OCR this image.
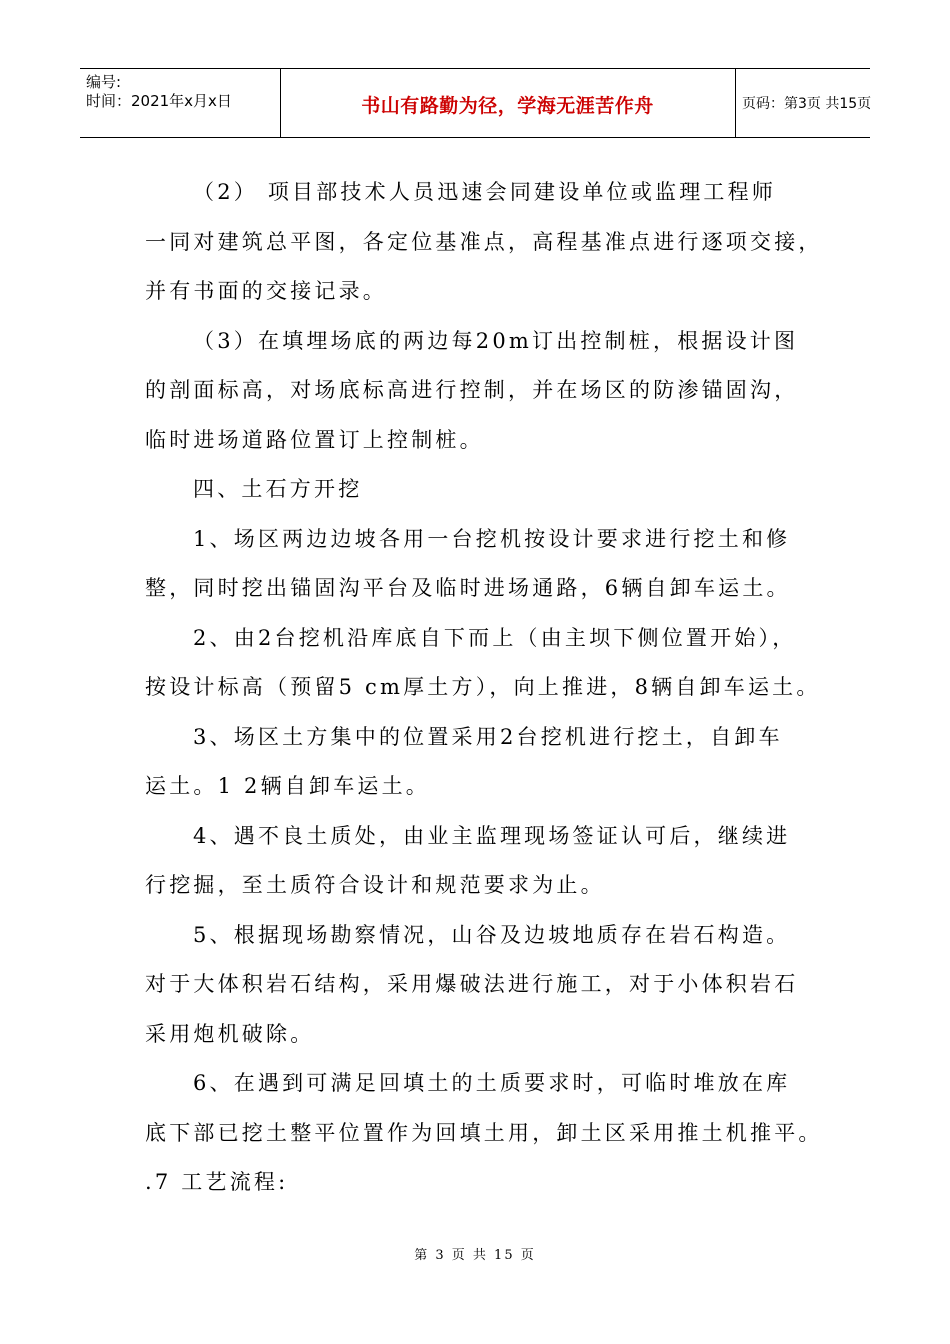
编号:
时间：2021年x月x日	书山有路勤为径，学海无涯苦作舟	页码：第3页 共15页

（2） 项目部技术人员迅速会同建设单位或监理工程师
一同对建筑总平图，各定位基准点，高程基准点进行逐项交接，
并有书面的交接记录。
（3）在填埋场底的两边每20m订出控制桩，根据设计图
的剖面标高，对场底标高进行控制，并在场区的防渗锚固沟，
临时进场道路位置订上控制桩。
四、土石方开挖
1、场区两边边坡各用一台挖机按设计要求进行挖土和修
整，同时挖出锚固沟平台及临时进场通路，6辆自卸车运土。
2、由2台挖机沿库底自下而上（由主坝下侧位置开始），
按设计标高（预留5 cm厚土方），向上推进，8辆自卸车运土。
3、场区土方集中的位置采用2台挖机进行挖土，自卸车
运土。1 2辆自卸车运土。
4、遇不良土质处，由业主监理现场签证认可后，继续进
行挖掘，至土质符合设计和规范要求为止。
5、根据现场勘察情况，山谷及边坡地质存在岩石构造。
对于大体积岩石结构，采用爆破法进行施工，对于小体积岩石
采用炮机破除。
6、在遇到可满足回填土的土质要求时，可临时堆放在库
底下部已挖土整平位置作为回填土用，卸土区采用推土机推平。
.7 工艺流程:

第 3 页 共 15 页
